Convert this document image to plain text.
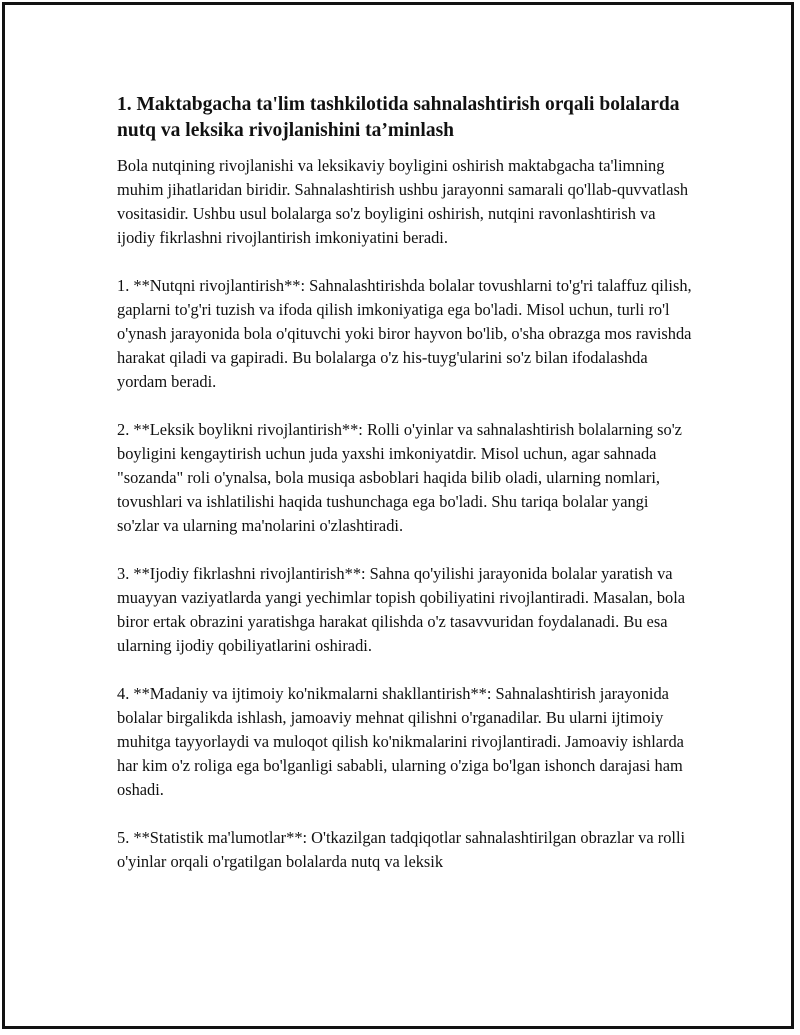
1. Maktabgacha ta'lim tashkilotida sahnalashtirish orqali bolalarda nutq va leksika rivojlanishini ta’minlash

Bola nutqining rivojlanishi va leksikaviy boyligini oshirish maktabgacha ta'limning muhim jihatlaridan biridir. Sahnalashtirish ushbu jarayonni samarali qo'llab-quvvatlash vositasidir. Ushbu usul bolalarga so'z boyligini oshirish, nutqini ravonlashtirish va ijodiy fikrlashni rivojlantirish imkoniyatini beradi.

1. **Nutqni rivojlantirish**: Sahnalashtirishda bolalar tovushlarni to'g'ri talaffuz qilish, gaplarni to'g'ri tuzish va ifoda qilish imkoniyatiga ega bo'ladi. Misol uchun, turli ro'l o'ynash jarayonida bola o'qituvchi yoki biror hayvon bo'lib, o'sha obrazga mos ravishda harakat qiladi va gapiradi. Bu bolalarga o'z his-tuyg'ularini so'z bilan ifodalashda yordam beradi.

2. **Leksik boylikni rivojlantirish**: Rolli o'yinlar va sahnalashtirish bolalarning so'z boyligini kengaytirish uchun juda yaxshi imkoniyatdir. Misol uchun, agar sahnada "sozanda" roli o'ynalsa, bola musiqa asboblari haqida bilib oladi, ularning nomlari, tovushlari va ishlatilishi haqida tushunchaga ega bo'ladi. Shu tariqa bolalar yangi so'zlar va ularning ma'nolarini o'zlashtiradi.

3. **Ijodiy fikrlashni rivojlantirish**: Sahna qo'yilishi jarayonida bolalar yaratish va muayyan vaziyatlarda yangi yechimlar topish qobiliyatini rivojlantiradi. Masalan, bola biror ertak obrazini yaratishga harakat qilishda o'z tasavvuridan foydalanadi. Bu esa ularning ijodiy qobiliyatlarini oshiradi.

4. **Madaniy va ijtimoiy ko'nikmalarni shakllantirish**: Sahnalashtirish jarayonida bolalar birgalikda ishlash, jamoaviy mehnat qilishni o'rganadilar. Bu ularni ijtimoiy muhitga tayyorlaydi va muloqot qilish ko'nikmalarini rivojlantiradi. Jamoaviy ishlarda har kim o'z roliga ega bo'lganligi sababli, ularning o'ziga bo'lgan ishonch darajasi ham oshadi.

5. **Statistik ma'lumotlar**: O'tkazilgan tadqiqotlar sahnalashtirilgan obrazlar va rolli o'yinlar orqali o'rgatilgan bolalarda nutq va leksik
